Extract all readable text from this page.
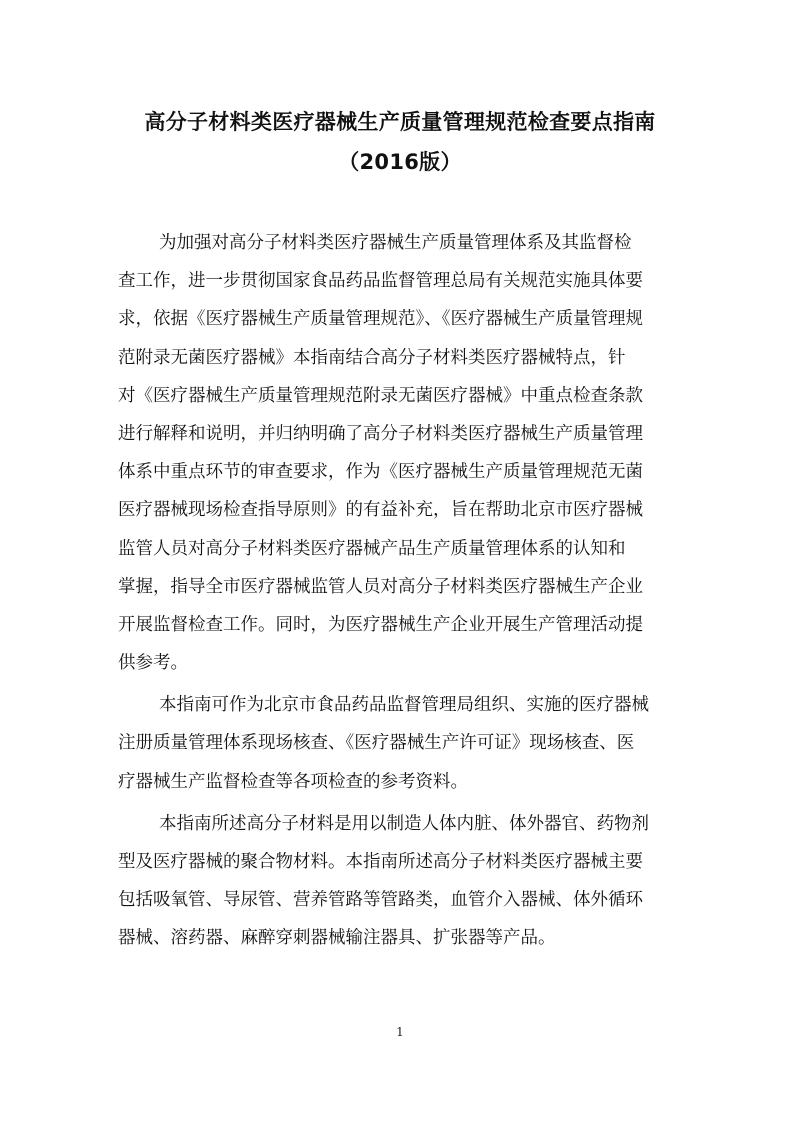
高分子材料类医疗器械生产质量管理规范检查要点指南
（2016版）
为加强对高分子材料类医疗器械生产质量管理体系及其监督检
查工作，进一步贯彻国家食品药品监督管理总局有关规范实施具体要
求，依据《医疗器械生产质量管理规范》、《医疗器械生产质量管理规
范附录无菌医疗器械》本指南结合高分子材料类医疗器械特点，针
对《医疗器械生产质量管理规范附录无菌医疗器械》中重点检查条款
进行解释和说明，并归纳明确了高分子材料类医疗器械生产质量管理
体系中重点环节的审查要求，作为《医疗器械生产质量管理规范无菌
医疗器械现场检查指导原则》的有益补充，旨在帮助北京市医疗器械
监管人员对高分子材料类医疗器械产品生产质量管理体系的认知和
掌握，指导全市医疗器械监管人员对高分子材料类医疗器械生产企业
开展监督检查工作。同时，为医疗器械生产企业开展生产管理活动提
供参考。
本指南可作为北京市食品药品监督管理局组织、实施的医疗器械
注册质量管理体系现场核查、《医疗器械生产许可证》现场核查、医
疗器械生产监督检查等各项检查的参考资料。
本指南所述高分子材料是用以制造人体内脏、体外器官、药物剂
型及医疗器械的聚合物材料。本指南所述高分子材料类医疗器械主要
包括吸氧管、导尿管、营养管路等管路类，血管介入器械、体外循环
器械、溶药器、麻醉穿刺器械输注器具、扩张器等产品。
1
